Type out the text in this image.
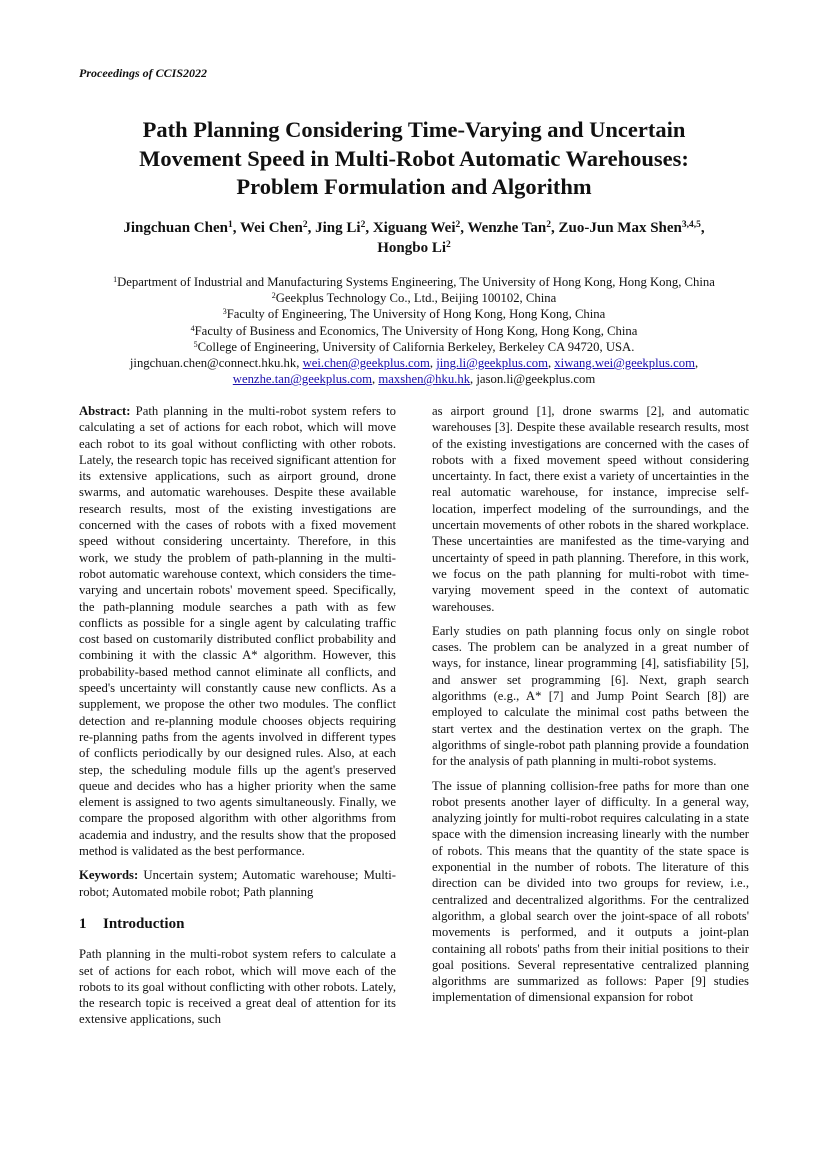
Proceedings of CCIS2022
Path Planning Considering Time-Varying and Uncertain
Movement Speed in Multi-Robot Automatic Warehouses:
Problem Formulation and Algorithm
Jingchuan Chen$^1$, Wei Chen$^2$, Jing Li$^2$, Xiguang Wei$^2$, Wenzhe Tan$^2$, Zuo-Jun Max Shen$^{3,4,5}$,
Hongbo Li$^2$
$^1$Department of Industrial and Manufacturing Systems Engineering, The University of Hong Kong, Hong Kong, China
$^2$Geekplus Technology Co., Ltd., Beijing 100102, China
$^3$Faculty of Engineering, The University of Hong Kong, Hong Kong, China
$^4$Faculty of Business and Economics, The University of Hong Kong, Hong Kong, China
$^5$College of Engineering, University of California Berkeley, Berkeley CA 94720, USA.
jingchuan.chen@connect.hku.hk, wei.chen@geekplus.com, jing.li@geekplus.com, xiwang.wei@geekplus.com,
wenzhe.tan@geekplus.com, maxshen@hku.hk, jason.li@geekplus.com

Abstract: Path planning in the multi-robot system refers to calculating a set of actions for each robot, which will move each robot to its goal without conflicting with other robots. Lately, the research topic has received significant attention for its extensive applications, such as airport ground, drone swarms, and automatic warehouses. Despite these available research results, most of the existing investigations are concerned with the cases of robots with a fixed movement speed without considering uncertainty. Therefore, in this work, we study the problem of path-planning in the multi-robot automatic warehouse context, which considers the time-varying and uncertain robots' movement speed. Specifically, the path-planning module searches a path with as few conflicts as possible for a single agent by calculating traffic cost based on customarily distributed conflict probability and combining it with the classic A* algorithm. However, this probability-based method cannot eliminate all conflicts, and speed's uncertainty will constantly cause new conflicts. As a supplement, we propose the other two modules. The conflict detection and re-planning module chooses objects requiring re-planning paths from the agents involved in different types of conflicts periodically by our designed rules. Also, at each step, the scheduling module fills up the agent's preserved queue and decides who has a higher priority when the same element is assigned to two agents simultaneously. Finally, we compare the proposed algorithm with other algorithms from academia and industry, and the results show that the proposed method is validated as the best performance.

Keywords: Uncertain system; Automatic warehouse; Multi-robot; Automated mobile robot; Path planning

1 Introduction

Path planning in the multi-robot system refers to calculate a set of actions for each robot, which will move each of the robots to its goal without conflicting with other robots. Lately, the research topic is received a great deal of attention for its extensive applications, such

as airport ground [1], drone swarms [2], and automatic warehouses [3]. Despite these available research results, most of the existing investigations are concerned with the cases of robots with a fixed movement speed without considering uncertainty. In fact, there exist a variety of uncertainties in the real automatic warehouse, for instance, imprecise self-location, imperfect modeling of the surroundings, and the uncertain movements of other robots in the shared workplace. These uncertainties are manifested as the time-varying and uncertainty of speed in path planning. Therefore, in this work, we focus on the path planning for multi-robot with time-varying movement speed in the context of automatic warehouses.

Early studies on path planning focus only on single robot cases. The problem can be analyzed in a great number of ways, for instance, linear programming [4], satisfiability [5], and answer set programming [6]. Next, graph search algorithms (e.g., A* [7] and Jump Point Search [8]) are employed to calculate the minimal cost paths between the start vertex and the destination vertex on the graph. The algorithms of single-robot path planning provide a foundation for the analysis of path planning in multi-robot systems.

The issue of planning collision-free paths for more than one robot presents another layer of difficulty. In a general way, analyzing jointly for multi-robot requires calculating in a state space with the dimension increasing linearly with the number of robots. This means that the quantity of the state space is exponential in the number of robots. The literature of this direction can be divided into two groups for review, i.e., centralized and decentralized algorithms. For the centralized algorithm, a global search over the joint-space of all robots' movements is performed, and it outputs a joint-plan containing all robots' paths from their initial positions to their goal positions. Several representative centralized planning algorithms are summarized as follows: Paper [9] studies implementation of dimensional expansion for robot
